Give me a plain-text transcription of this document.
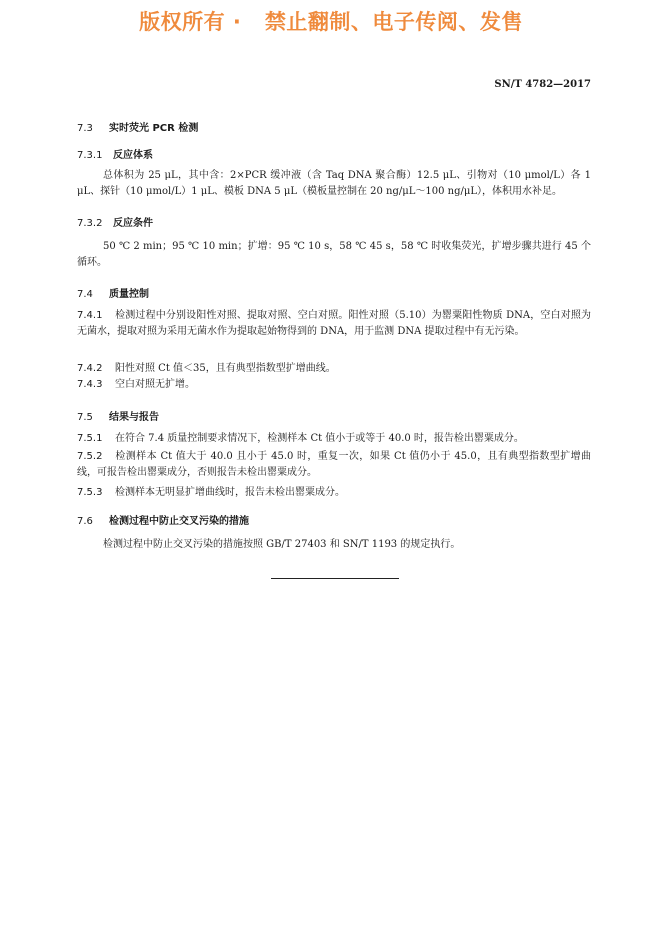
版权所有 ·   禁止翻制、电子传阅、发售
SN/T 4782—2017
7.3 实时荧光 PCR 检测
7.3.1 反应体系
总体积为 25 μL，其中含：2×PCR 缓冲液（含 Taq DNA 聚合酶）12.5 μL、引物对（10 μmol/L）各 1 μL、探针（10 μmol/L）1 μL、模板 DNA 5 μL（模板量控制在 20 ng/μL～100 ng/μL），体积用水补足。
7.3.2 反应条件
50 ℃ 2 min；95 ℃ 10 min；扩增：95 ℃ 10 s，58 ℃ 45 s，58 ℃ 时收集荧光，扩增步骤共进行 45 个循环。
7.4 质量控制
7.4.1 检测过程中分别设阳性对照、提取对照、空白对照。阳性对照（5.10）为罂粟阳性物质 DNA，空白对照为无菌水，提取对照为采用无菌水作为提取起始物得到的 DNA，用于监测 DNA 提取过程中有无污染。
7.4.2 阳性对照 Ct 值＜35，且有典型指数型扩增曲线。
7.4.3 空白对照无扩增。
7.5 结果与报告
7.5.1 在符合 7.4 质量控制要求情况下，检测样本 Ct 值小于或等于 40.0 时，报告检出罂粟成分。
7.5.2 检测样本 Ct 值大于 40.0 且小于 45.0 时，重复一次，如果 Ct 值仍小于 45.0，且有典型指数型扩增曲线，可报告检出罂粟成分，否则报告未检出罂粟成分。
7.5.3 检测样本无明显扩增曲线时，报告未检出罂粟成分。
7.6 检测过程中防止交叉污染的措施
检测过程中防止交叉污染的措施按照 GB/T 27403 和 SN/T 1193 的规定执行。
